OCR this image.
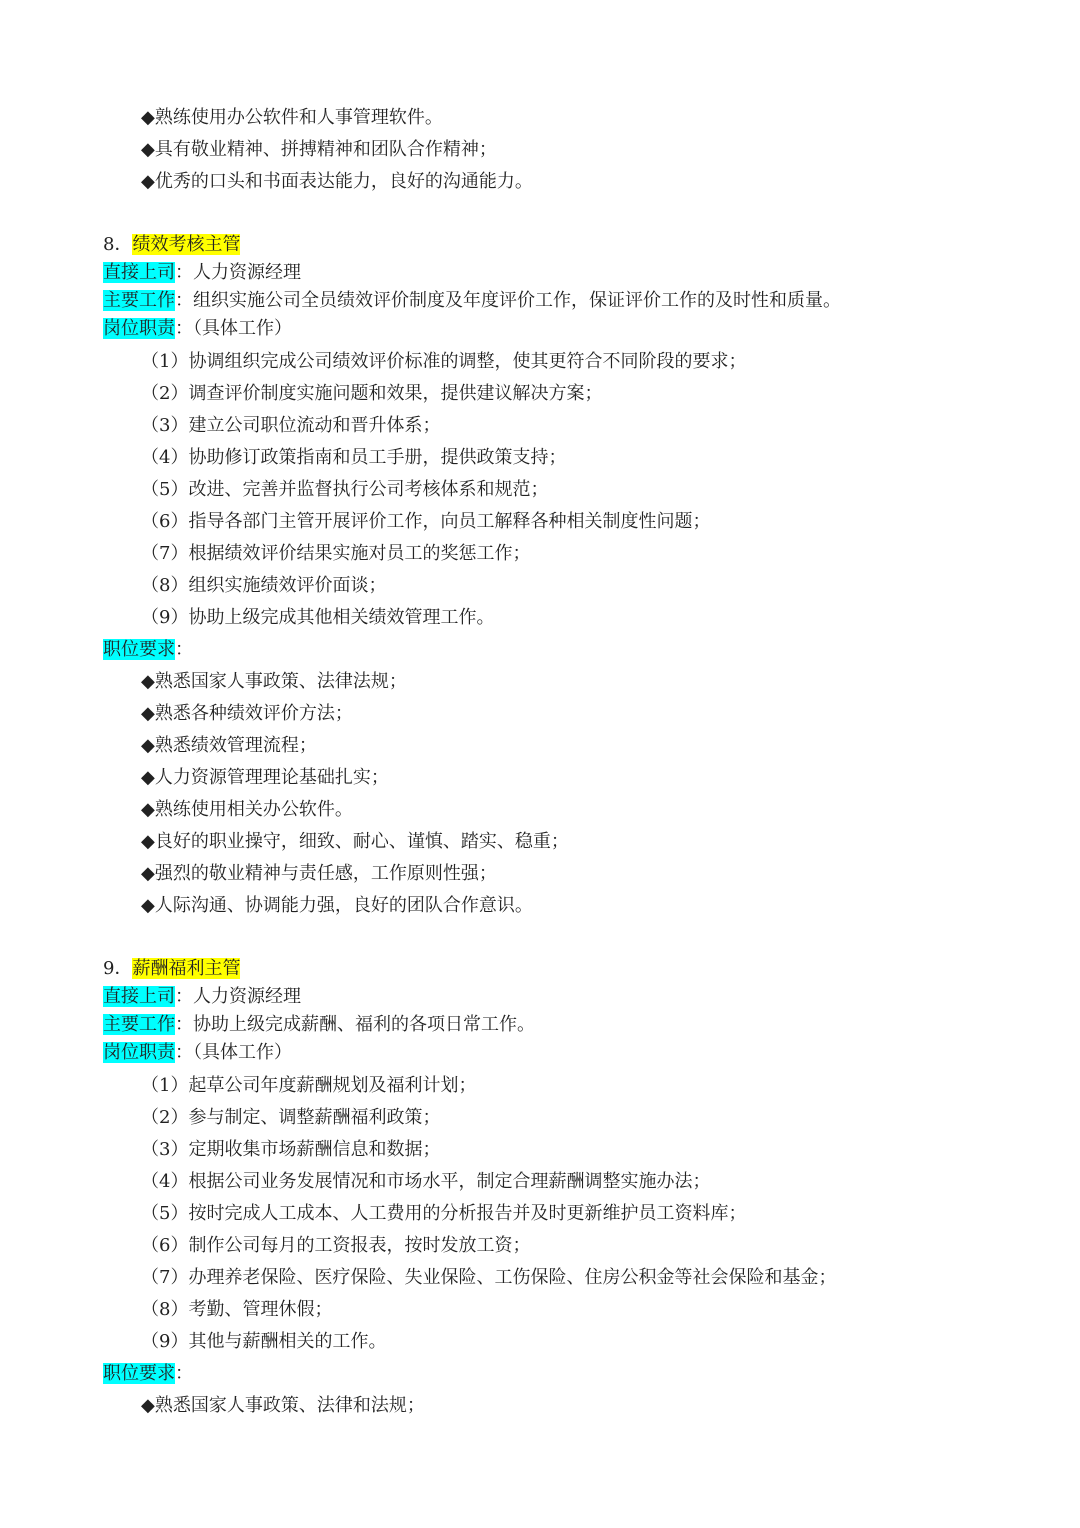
◆熟练使用办公软件和人事管理软件。
◆具有敬业精神、拼搏精神和团队合作精神；
◆优秀的口头和书面表达能力，良好的沟通能力。
8．绩效考核主管
直接上司：人力资源经理
主要工作：组织实施公司全员绩效评价制度及年度评价工作，保证评价工作的及时性和质量。
岗位职责：（具体工作）
（1）协调组织完成公司绩效评价标准的调整，使其更符合不同阶段的要求；
（2）调查评价制度实施问题和效果，提供建议解决方案；
（3）建立公司职位流动和晋升体系；
（4）协助修订政策指南和员工手册，提供政策支持；
（5）改进、完善并监督执行公司考核体系和规范；
（6）指导各部门主管开展评价工作，向员工解释各种相关制度性问题；
（7）根据绩效评价结果实施对员工的奖惩工作；
（8）组织实施绩效评价面谈；
（9）协助上级完成其他相关绩效管理工作。
职位要求：
◆熟悉国家人事政策、法律法规；
◆熟悉各种绩效评价方法；
◆熟悉绩效管理流程；
◆人力资源管理理论基础扎实；
◆熟练使用相关办公软件。
◆良好的职业操守，细致、耐心、谨慎、踏实、稳重；
◆强烈的敬业精神与责任感，工作原则性强；
◆人际沟通、协调能力强，良好的团队合作意识。
9．薪酬福利主管
直接上司：人力资源经理
主要工作：协助上级完成薪酬、福利的各项日常工作。
岗位职责：（具体工作）
（1）起草公司年度薪酬规划及福利计划；
（2）参与制定、调整薪酬福利政策；
（3）定期收集市场薪酬信息和数据；
（4）根据公司业务发展情况和市场水平，制定合理薪酬调整实施办法；
（5）按时完成人工成本、人工费用的分析报告并及时更新维护员工资料库；
（6）制作公司每月的工资报表，按时发放工资；
（7）办理养老保险、医疗保险、失业保险、工伤保险、住房公积金等社会保险和基金；
（8）考勤、管理休假；
（9）其他与薪酬相关的工作。
职位要求：
◆熟悉国家人事政策、法律和法规；
